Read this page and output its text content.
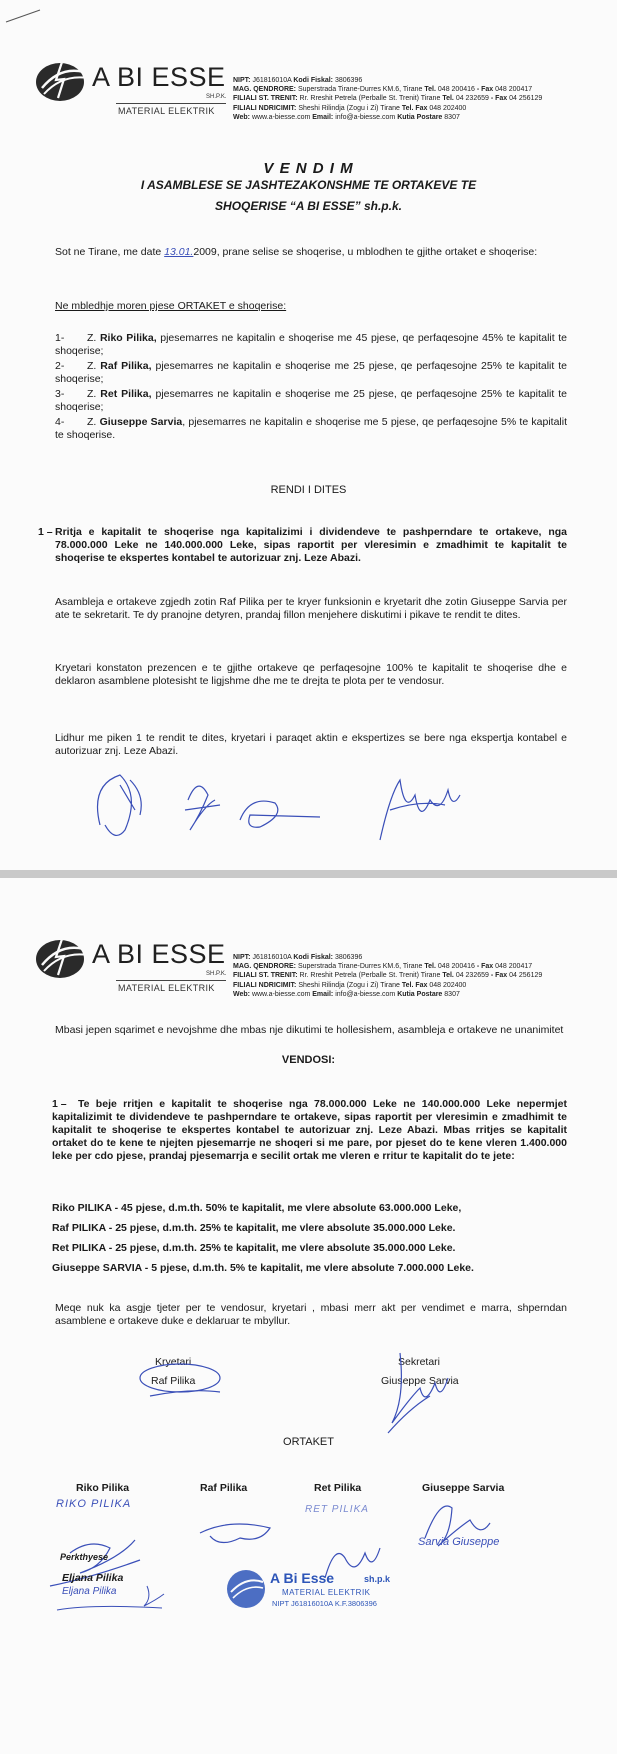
A BI ESSE
SH.P.K.
MATERIAL ELEKTRIK
NIPT: J61816010A Kodi Fiskal: 3806396
MAG. QENDRORE: Superstrada Tirane-Durres KM.6, Tirane Tel. 048 200416 - Fax 048 200417
FILIALI ST. TRENIT: Rr. Rreshit Petrela (Perballe St. Trenit) Tirane Tel. 04 232659 - Fax 04 256129
FILIALI NDRICIMIT: Sheshi Rilindja (Zogu i Zi) Tirane Tel. Fax 048 202400
Web: www.a-biesse.com Email: info@a-biesse.com Kutia Postare 8307
V E N D I M
I ASAMBLESE SE JASHTEZAKONSHME TE ORTAKEVE TE
SHOQERISE “A BI ESSE” sh.p.k.
Sot ne Tirane, me date 13.01.2009, prane selise se shoqerise, u mblodhen te gjithe ortaket e shoqerise:
Ne mbledhje moren pjese ORTAKET e shoqerise:
1- Z. Riko Pilika, pjesemarres ne kapitalin e shoqerise me 45 pjese, qe perfaqesojne 45% te kapitalit te shoqerise;
2- Z. Raf Pilika, pjesemarres ne kapitalin e shoqerise me 25 pjese, qe perfaqesojne 25% te kapitalit te shoqerise;
3- Z. Ret Pilika, pjesemarres ne kapitalin e shoqerise me 25 pjese, qe perfaqesojne 25% te kapitalit te shoqerise;
4- Z. Giuseppe Sarvia, pjesemarres ne kapitalin e shoqerise me 5 pjese, qe perfaqesojne 5% te kapitalit te shoqerise.
RENDI I DITES
1 – Rritja e kapitalit te shoqerise nga kapitalizimi i dividendeve te pashperndare te ortakeve, nga 78.000.000 Leke ne 140.000.000 Leke, sipas raportit per vleresimin e zmadhimit te kapitalit te shoqerise te ekspertes kontabel te autorizuar znj. Leze Abazi.
Asambleja e ortakeve zgjedh zotin Raf Pilika per te kryer funksionin e kryetarit dhe zotin Giuseppe Sarvia per ate te sekretarit. Te dy pranojne detyren, prandaj fillon menjehere diskutimi i pikave te rendit te dites.
Kryetari konstaton prezencen e te gjithe ortakeve qe perfaqesojne 100% te kapitalit te shoqerise dhe e deklaron asamblene plotesisht te ligjshme dhe me te drejta te plota per te vendosur.
Lidhur me piken 1 te rendit te dites, kryetari i paraqet aktin e ekspertizes se bere nga ekspertja kontabel e autorizuar znj. Leze Abazi.
A BI ESSE
SH.P.K.
MATERIAL ELEKTRIK
NIPT: J61816010A Kodi Fiskal: 3806396
MAG. QENDRORE: Superstrada Tirane-Durres KM.6, Tirane Tel. 048 200416 - Fax 048 200417
FILIALI ST. TRENIT: Rr. Rreshit Petrela (Perballe St. Trenit) Tirane Tel. 04 232659 - Fax 04 256129
FILIALI NDRICIMIT: Sheshi Rilindja (Zogu i Zi) Tirane Tel. Fax 048 202400
Web: www.a-biesse.com Email: info@a-biesse.com Kutia Postare 8307
Mbasi jepen sqarimet e nevojshme dhe mbas nje dikutimi te hollesishem, asambleja e ortakeve ne unanimitet
VENDOSI:
1 –	Te beje rritjen e kapitalit te shoqerise nga 78.000.000 Leke ne 140.000.000 Leke nepermjet kapitalizimit te dividendeve te pashperndare te ortakeve, sipas raportit per vleresimin e zmadhimit te kapitalit te shoqerise te ekspertes kontabel te autorizuar znj. Leze Abazi. Mbas rritjes se kapitalit ortaket do te kene te njejten pjesemarrje ne shoqeri si me pare, por pjeset do te kene vleren 1.400.000 leke per cdo pjese, prandaj pjesemarrja e secilit ortak me vleren e rritur te kapitalit do te jete:
Riko PILIKA - 45 pjese, d.m.th. 50% te kapitalit, me vlere absolute 63.000.000 Leke,
Raf PILIKA - 25 pjese, d.m.th. 25% te kapitalit, me vlere absolute 35.000.000 Leke.
Ret PILIKA - 25 pjese, d.m.th. 25% te kapitalit, me vlere absolute 35.000.000 Leke.
Giuseppe SARVIA - 5 pjese, d.m.th. 5% te kapitalit, me vlere absolute 7.000.000 Leke.
Meqe nuk ka asgje tjeter per te vendosur, kryetari , mbasi merr akt per vendimet e marra, shperndan asamblene e ortakeve duke e deklaruar te mbyllur.
Kryetari
Raf Pilika
Sekretari
Giuseppe Sarvia
ORTAKET
Riko Pilika	Raf Pilika	Ret Pilika	Giuseppe Sarvia
RIKO PILIKA	RET PILIKA
Sarvia Giuseppe
Perkthyese
Eljana Pilika
Eljana Pilika
A Bi Esse	sh.p.k
MATERIAL ELEKTRIK
NIPT J61816010A K.F.3806396
